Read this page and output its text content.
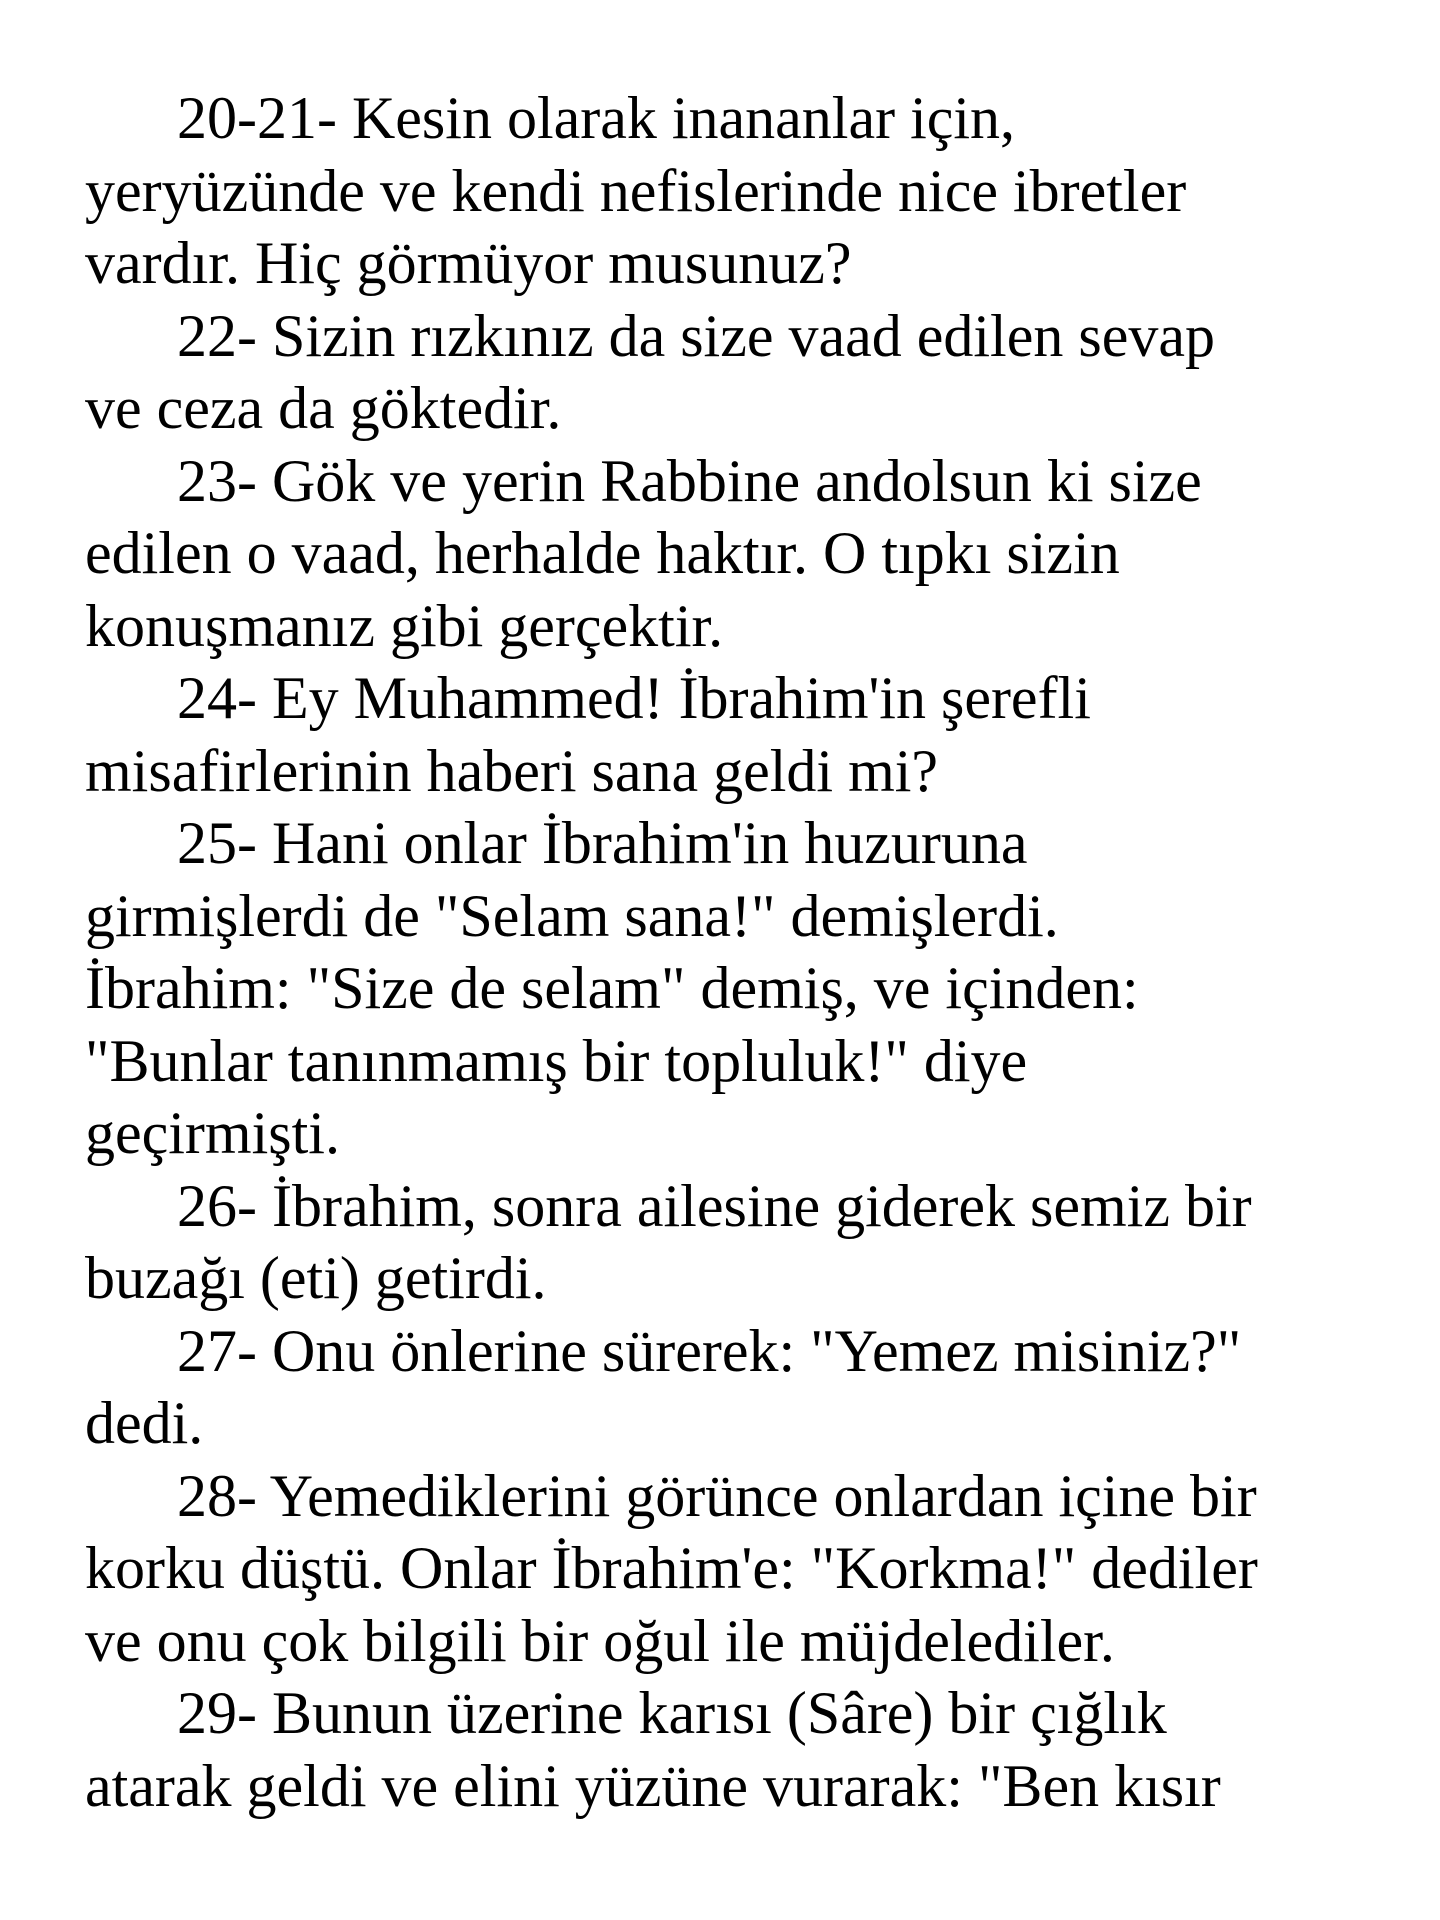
20-21- Kesin olarak inananlar için,
yeryüzünde ve kendi nefislerinde nice ibretler
vardır. Hiç görmüyor musunuz?
22- Sizin rızkınız da size vaad edilen sevap
ve ceza da göktedir.
23- Gök ve yerin Rabbine andolsun ki size
edilen o vaad, herhalde haktır. O tıpkı sizin
konuşmanız gibi gerçektir.
24- Ey Muhammed! İbrahim'in şerefli
misafirlerinin haberi sana geldi mi?
25- Hani onlar İbrahim'in huzuruna
girmişlerdi de "Selam sana!" demişlerdi.
İbrahim: "Size de selam" demiş, ve içinden:
"Bunlar tanınmamış bir topluluk!" diye
geçirmişti.
26- İbrahim, sonra ailesine giderek semiz bir
buzağı (eti) getirdi.
27- Onu önlerine sürerek: "Yemez misiniz?"
dedi.
28- Yemediklerini görünce onlardan içine bir
korku düştü. Onlar İbrahim'e: "Korkma!" dediler
ve onu çok bilgili bir oğul ile müjdelediler.
29- Bunun üzerine karısı (Sâre) bir çığlık
atarak geldi ve elini yüzüne vurarak: "Ben kısır
